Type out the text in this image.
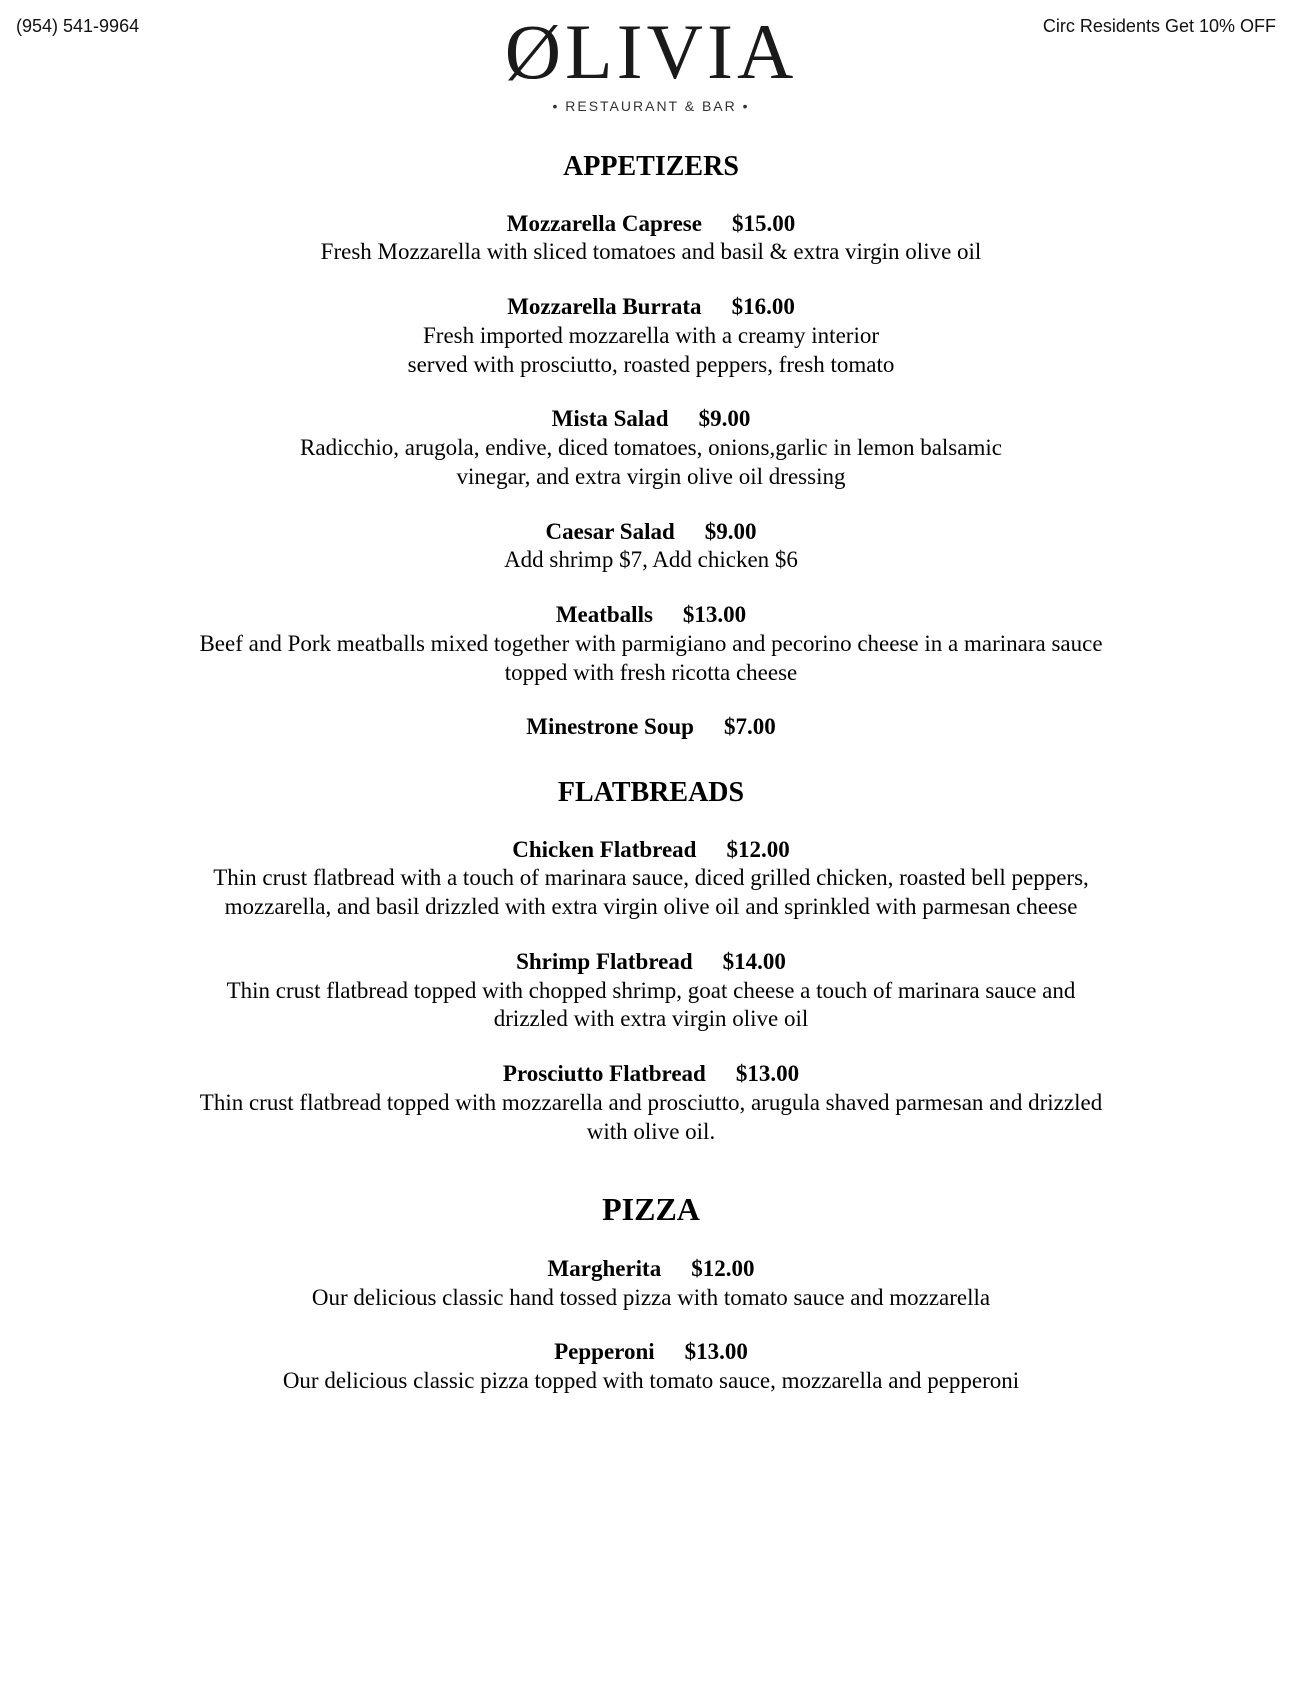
(954) 541-9964	Circ Residents Get 10% OFF
ØLIVIA
• RESTAURANT & BAR •
APPETIZERS
Mozzarella Caprese $15.00
Fresh Mozzarella with sliced tomatoes and basil & extra virgin olive oil
Mozzarella Burrata $16.00
Fresh imported mozzarella with a creamy interior
served with prosciutto, roasted peppers, fresh tomato
Mista Salad $9.00
Radicchio, arugola, endive, diced tomatoes, onions,garlic in lemon balsamic
vinegar, and extra virgin olive oil dressing
Caesar Salad $9.00
Add shrimp $7, Add chicken $6
Meatballs $13.00
Beef and Pork meatballs mixed together with parmigiano and pecorino cheese in a marinara sauce
topped with fresh ricotta cheese
Minestrone Soup $7.00
FLATBREADS
Chicken Flatbread $12.00
Thin crust flatbread with a touch of marinara sauce, diced grilled chicken, roasted bell peppers,
mozzarella, and basil drizzled with extra virgin olive oil and sprinkled with parmesan cheese
Shrimp Flatbread $14.00
Thin crust flatbread topped with chopped shrimp, goat cheese a touch of marinara sauce and
drizzled with extra virgin olive oil
Prosciutto Flatbread $13.00
Thin crust flatbread topped with mozzarella and prosciutto, arugula shaved parmesan and drizzled
with olive oil.
PIZZA
Margherita $12.00
Our delicious classic hand tossed pizza with tomato sauce and mozzarella
Pepperoni $13.00
Our delicious classic pizza topped with tomato sauce, mozzarella and pepperoni
